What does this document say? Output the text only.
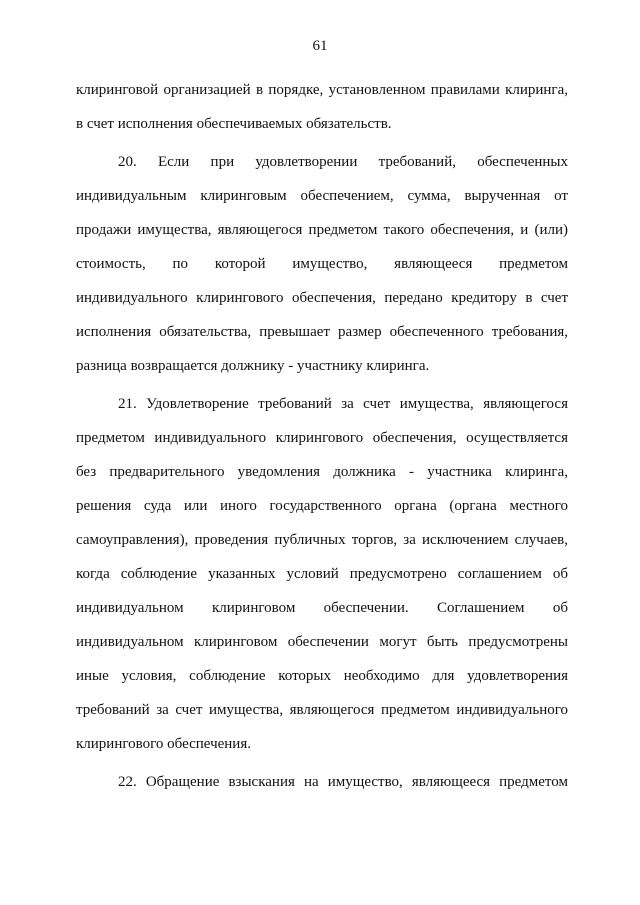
61
клиринговой организацией в порядке, установленном правилами клиринга,
в счет исполнения обеспечиваемых обязательств.
20. Если при удовлетворении требований, обеспеченных
индивидуальным клиринговым обеспечением, сумма, вырученная от
продажи имущества, являющегося предметом такого обеспечения, и (или)
стоимость, по которой имущество, являющееся предметом
индивидуального клирингового обеспечения, передано кредитору в счет
исполнения обязательства, превышает размер обеспеченного требования,
разница возвращается должнику - участнику клиринга.
21. Удовлетворение требований за счет имущества, являющегося
предметом индивидуального клирингового обеспечения, осуществляется
без предварительного уведомления должника - участника клиринга,
решения суда или иного государственного органа (органа местного
самоуправления), проведения публичных торгов, за исключением случаев,
когда соблюдение указанных условий предусмотрено соглашением об
индивидуальном клиринговом обеспечении. Соглашением об
индивидуальном клиринговом обеспечении могут быть предусмотрены
иные условия, соблюдение которых необходимо для удовлетворения
требований за счет имущества, являющегося предметом индивидуального
клирингового обеспечения.
22. Обращение взыскания на имущество, являющееся предметом
